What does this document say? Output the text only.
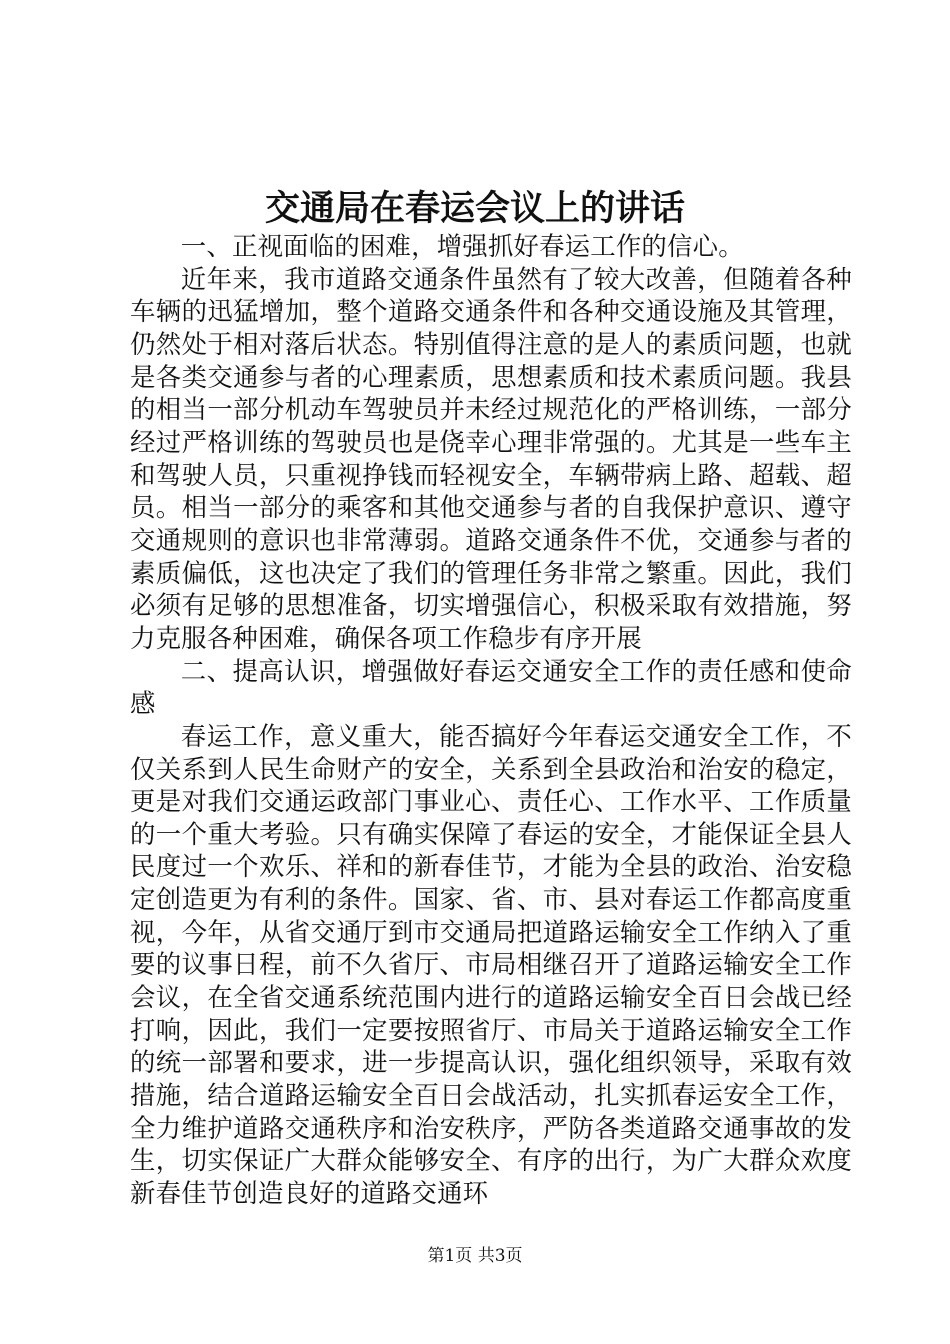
交通局在春运会议上的讲话

一、正视面临的困难，增强抓好春运工作的信心。

近年来，我市道路交通条件虽然有了较大改善，但随着各种车辆的迅猛增加，整个道路交通条件和各种交通设施及其管理，仍然处于相对落后状态。特别值得注意的是人的素质问题，也就是各类交通参与者的心理素质，思想素质和技术素质问题。我县的相当一部分机动车驾驶员并未经过规范化的严格训练，一部分经过严格训练的驾驶员也是侥幸心理非常强的。尤其是一些车主和驾驶人员，只重视挣钱而轻视安全，车辆带病上路、超载、超员。相当一部分的乘客和其他交通参与者的自我保护意识、遵守交通规则的意识也非常薄弱。道路交通条件不优，交通参与者的素质偏低，这也决定了我们的管理任务非常之繁重。因此，我们必须有足够的思想准备，切实增强信心，积极采取有效措施，努力克服各种困难，确保各项工作稳步有序开展

二、提高认识，增强做好春运交通安全工作的责任感和使命感

春运工作，意义重大，能否搞好今年春运交通安全工作，不仅关系到人民生命财产的安全，关系到全县政治和治安的稳定，更是对我们交通运政部门事业心、责任心、工作水平、工作质量的一个重大考验。只有确实保障了春运的安全，才能保证全县人民度过一个欢乐、祥和的新春佳节，才能为全县的政治、治安稳定创造更为有利的条件。国家、省、市、县对春运工作都高度重视，今年，从省交通厅到市交通局把道路运输安全工作纳入了重要的议事日程，前不久省厅、市局相继召开了道路运输安全工作会议，在全省交通系统范围内进行的道路运输安全百日会战已经打响，因此，我们一定要按照省厅、市局关于道路运输安全工作的统一部署和要求，进一步提高认识，强化组织领导，采取有效措施，结合道路运输安全百日会战活动，扎实抓春运安全工作，全力维护道路交通秩序和治安秩序，严防各类道路交通事故的发生，切实保证广大群众能够安全、有序的出行，为广大群众欢度新春佳节创造良好的道路交通环

第1页 共3页
